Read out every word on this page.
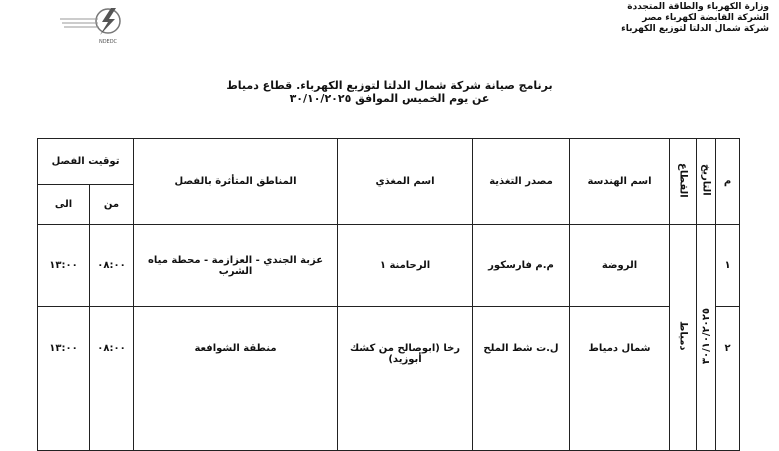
NDEDC
وزارة الكهرباء والطاقة المتجددة
الشركة القابضة لكهرباء مصر
شركة شمال الدلتا لتوزيع الكهرباء
برنامج صيانة شركة شمال الدلتا لتوزيع الكهرباء. قطاع دمياط
عن يوم الخميس الموافق ٣٠/١٠/٢٠٢٥
م	التاريخ	القطاع	اسم الهندسة	مصدر التغذية	اسم المغذي	المناطق المتأثرة بالفصل	توقيت الفصل	
							من	الى
١	٣٠/١٠/٢٠٢٥	دمياط	الروضة	م.م فارسكور	الرحامنة ١	عزبة الجندي - العزازمة - محطة مياه الشرب	٠٨:٠٠	١٣:٠٠
٢			شمال دمياط	ل.ت شط الملح	رخا (ابوصالح من كشك أبوزيد)	منطقة الشوافعة	٠٨:٠٠	١٣:٠٠
